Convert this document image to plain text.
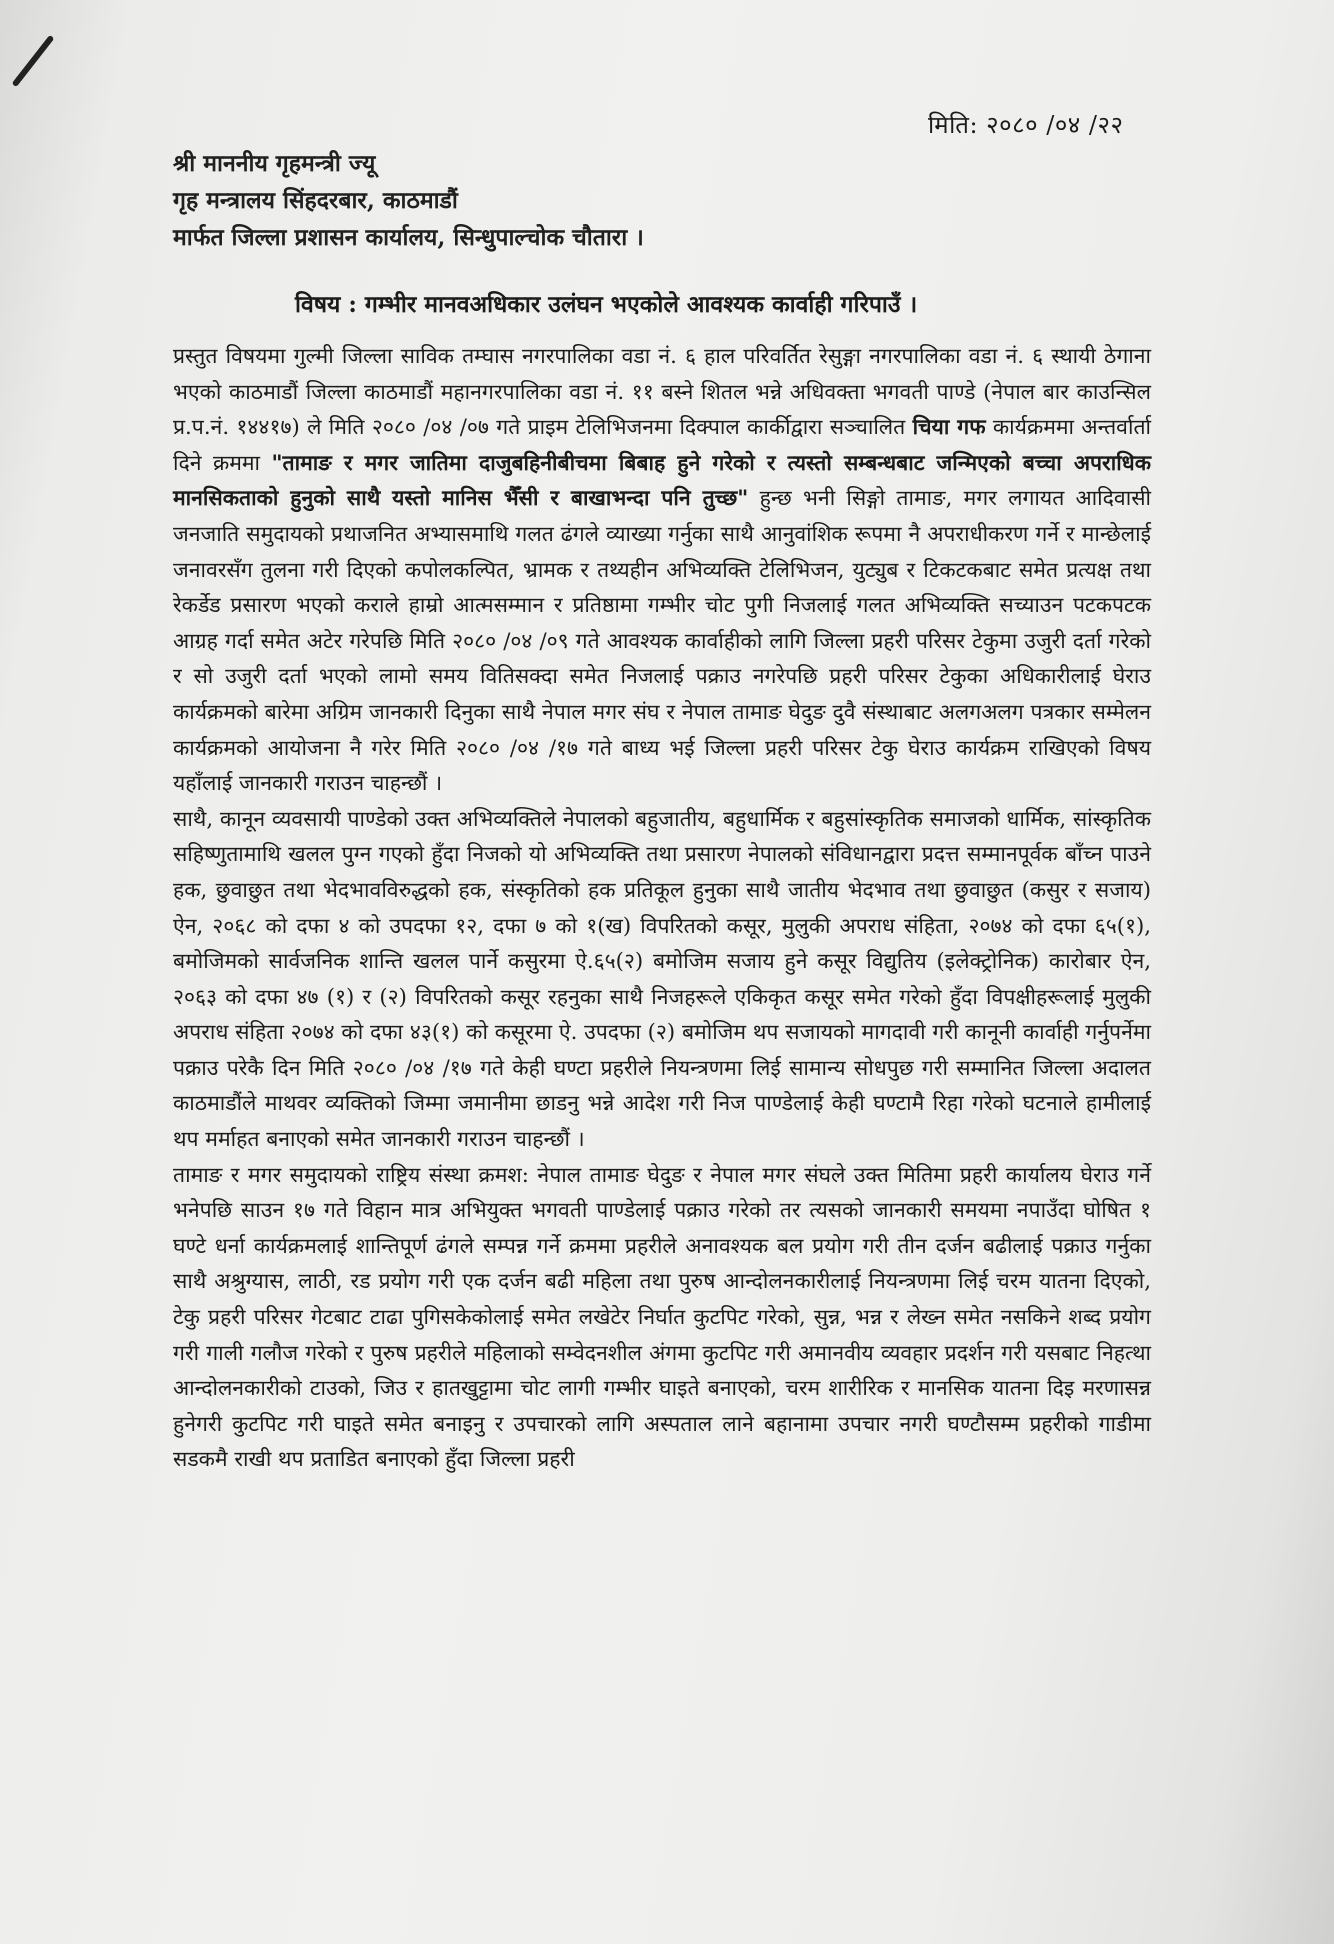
मिति: २०८० /०४ /२२
श्री माननीय गृहमन्त्री ज्यू
गृह मन्त्रालय सिंहदरबार, काठमाडौं
मार्फत जिल्ला प्रशासन कार्यालय, सिन्धुपाल्चोक चौतारा ।
विषय : गम्भीर मानवअधिकार उलंघन भएकोले आवश्यक कार्वाही गरिपाउँ ।

प्रस्तुत विषयमा गुल्मी जिल्ला साविक तम्घास नगरपालिका वडा नं. ६ हाल परिवर्तित रेसुङ्गा नगरपालिका वडा नं. ६ स्थायी ठेगाना भएको काठमाडौं जिल्ला काठमाडौं महानगरपालिका वडा नं. ११ बस्ने शितल भन्ने अधिवक्ता भगवती पाण्डे (नेपाल बार काउन्सिल प्र.प.नं. १४४१७) ले मिति २०८० /०४ /०७ गते प्राइम टेलिभिजनमा दिक्पाल कार्कीद्वारा सञ्चालित चिया गफ कार्यक्रममा अन्तर्वार्ता दिने क्रममा "तामाङ र मगर जातिमा दाजुबहिनीबीचमा बिबाह हुने गरेको र त्यस्तो सम्बन्धबाट जन्मिएको बच्चा अपराधिक मानसिकताको हुनुको साथै यस्तो मानिस भैँसी र बाखाभन्दा पनि तुच्छ" हुन्छ भनी सिङ्गो तामाङ, मगर लगायत आदिवासी जनजाति समुदायको प्रथाजनित अभ्यासमाथि गलत ढंगले व्याख्या गर्नुका साथै आनुवांशिक रूपमा नै अपराधीकरण गर्ने र मान्छेलाई जनावरसँग तुलना गरी दिएको कपोलकल्पित, भ्रामक र तथ्यहीन अभिव्यक्ति टेलिभिजन, युट्युब र टिकटकबाट समेत प्रत्यक्ष तथा रेकर्डेड प्रसारण भएको कराले हाम्रो आत्मसम्मान र प्रतिष्ठामा गम्भीर चोट पुगी निजलाई गलत अभिव्यक्ति सच्याउन पटकपटक आग्रह गर्दा समेत अटेर गरेपछि मिति २०८० /०४ /०९ गते आवश्यक कार्वाहीको लागि जिल्ला प्रहरी परिसर टेकुमा उजुरी दर्ता गरेको र सो उजुरी दर्ता भएको लामो समय वितिसक्दा समेत निजलाई पक्राउ नगरेपछि प्रहरी परिसर टेकुका अधिकारीलाई घेराउ कार्यक्रमको बारेमा अग्रिम जानकारी दिनुका साथै नेपाल मगर संघ र नेपाल तामाङ घेदुङ दुवै संस्थाबाट अलगअलग पत्रकार सम्मेलन कार्यक्रमको आयोजना नै गरेर मिति २०८० /०४ /१७ गते बाध्य भई जिल्ला प्रहरी परिसर टेकु घेराउ कार्यक्रम राखिएको विषय यहाँलाई जानकारी गराउन चाहन्छौं ।

साथै, कानून व्यवसायी पाण्डेको उक्त अभिव्यक्तिले नेपालको बहुजातीय, बहुधार्मिक र बहुसांस्कृतिक समाजको धार्मिक, सांस्कृतिक सहिष्णुतामाथि खलल पुग्न गएको हुँदा निजको यो अभिव्यक्ति तथा प्रसारण नेपालको संविधानद्वारा प्रदत्त सम्मानपूर्वक बाँच्न पाउने हक, छुवाछुत तथा भेदभावविरुद्धको हक, संस्कृतिको हक प्रतिकूल हुनुका साथै जातीय भेदभाव तथा छुवाछुत (कसुर र सजाय) ऐन, २०६८ को दफा ४ को उपदफा १२, दफा ७ को १(ख) विपरितको कसूर, मुलुकी अपराध संहिता, २०७४ को दफा ६५(१), बमोजिमको सार्वजनिक शान्ति खलल पार्ने कसुरमा ऐ.६५(२) बमोजिम सजाय हुने कसूर विद्युतिय (इलेक्ट्रोनिक) कारोबार ऐन, २०६३ को दफा ४७ (१) र (२) विपरितको कसूर रहनुका साथै निजहरूले एकिकृत कसूर समेत गरेको हुँदा विपक्षीहरूलाई मुलुकी अपराध संहिता २०७४ को दफा ४३(१) को कसूरमा ऐ. उपदफा (२) बमोजिम थप सजायको मागदावी गरी कानूनी कार्वाही गर्नुपर्नेमा पक्राउ परेकै दिन मिति २०८० /०४ /१७ गते केही घण्टा प्रहरीले नियन्त्रणमा लिई सामान्य सोधपुछ गरी सम्मानित जिल्ला अदालत काठमाडौंले माथवर व्यक्तिको जिम्मा जमानीमा छाडनु भन्ने आदेश गरी निज पाण्डेलाई केही घण्टामै रिहा गरेको घटनाले हामीलाई थप मर्माहत बनाएको समेत जानकारी गराउन चाहन्छौं ।

तामाङ र मगर समुदायको राष्ट्रिय संस्था क्रमश: नेपाल तामाङ घेदुङ र नेपाल मगर संघले उक्त मितिमा प्रहरी कार्यालय घेराउ गर्ने भनेपछि साउन १७ गते विहान मात्र अभियुक्त भगवती पाण्डेलाई पक्राउ गरेको तर त्यसको जानकारी समयमा नपाउँदा घोषित १ घण्टे धर्ना कार्यक्रमलाई शान्तिपूर्ण ढंगले सम्पन्न गर्ने क्रममा प्रहरीले अनावश्यक बल प्रयोग गरी तीन दर्जन बढीलाई पक्राउ गर्नुका साथै अश्रुग्यास, लाठी, रड प्रयोग गरी एक दर्जन बढी महिला तथा पुरुष आन्दोलनकारीलाई नियन्त्रणमा लिई चरम यातना दिएको, टेकु प्रहरी परिसर गेटबाट टाढा पुगिसकेकोलाई समेत लखेटेर निर्घात कुटपिट गरेको, सुन्न, भन्न र लेख्न समेत नसकिने शब्द प्रयोग गरी गाली गलौज गरेको र पुरुष प्रहरीले महिलाको सम्वेदनशील अंगमा कुटपिट गरी अमानवीय व्यवहार प्रदर्शन गरी यसबाट निहत्था आन्दोलनकारीको टाउको, जिउ र हातखुट्टामा चोट लागी गम्भीर घाइते बनाएको, चरम शारीरिक र मानसिक यातना दिइ मरणासन्न हुनेगरी कुटपिट गरी घाइते समेत बनाइनु र उपचारको लागि अस्पताल लाने बहानामा उपचार नगरी घण्टौसम्म प्रहरीको गाडीमा सडकमै राखी थप प्रताडित बनाएको हुँदा जिल्ला प्रहरी
